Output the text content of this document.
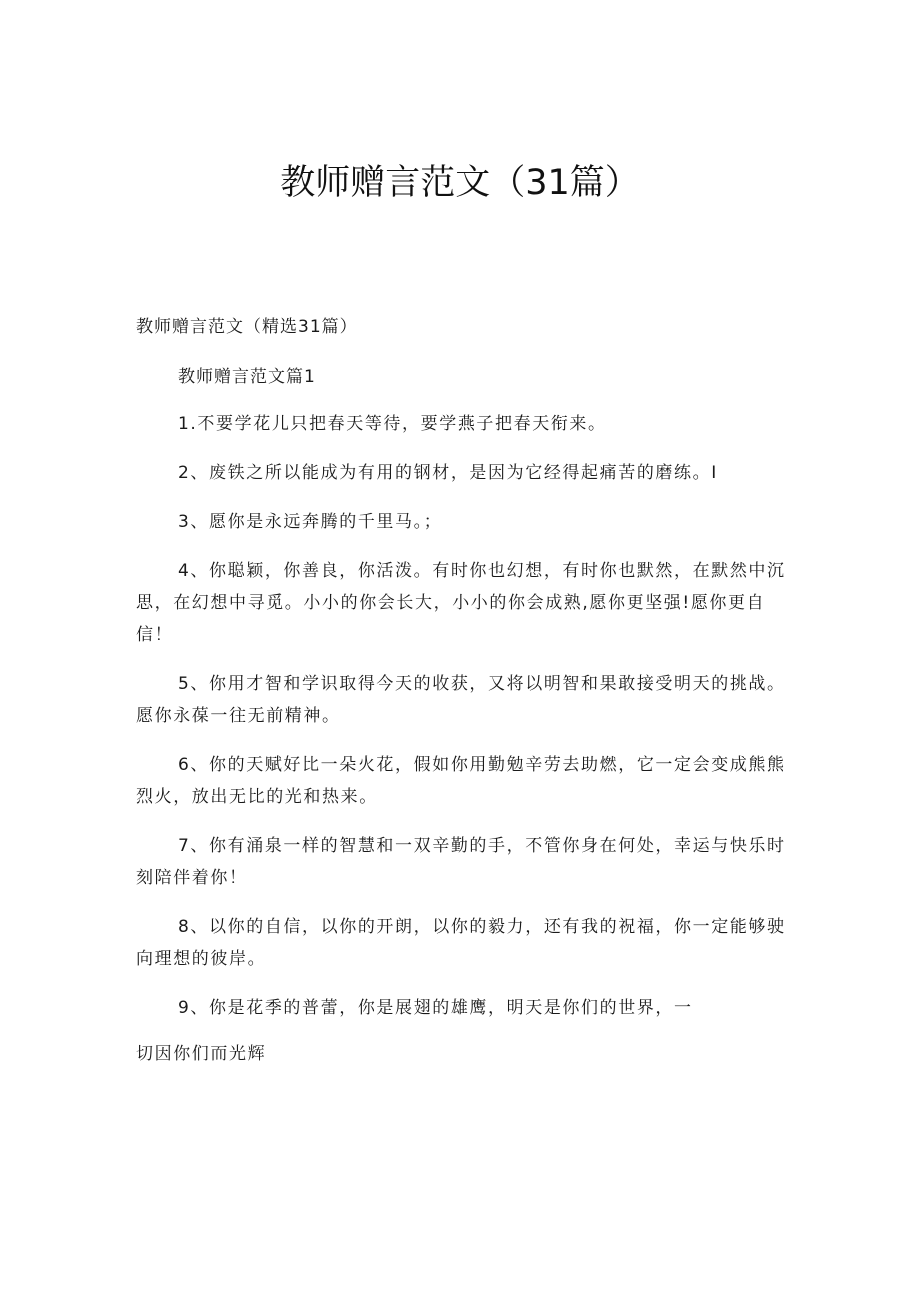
教师赠言范文（31篇）
教师赠言范文（精选31篇）

教师赠言范文篇1

1.不要学花儿只把春天等待，要学燕子把春天衔来。

2、废铁之所以能成为有用的钢材，是因为它经得起痛苦的磨练。I

3、愿你是永远奔腾的千里马。；

4、你聪颖，你善良，你活泼。有时你也幻想，有时你也默然，在默然中沉思，在幻想中寻觅。小小的你会长大，小小的你会成熟,愿你更坚强!愿你更自信！

5、你用才智和学识取得今天的收获，又将以明智和果敢接受明天的挑战。愿你永葆一往无前精神。

6、你的天赋好比一朵火花，假如你用勤勉辛劳去助燃，它一定会变成熊熊烈火，放出无比的光和热来。

7、你有涌泉一样的智慧和一双辛勤的手，不管你身在何处，幸运与快乐时刻陪伴着你！

8、以你的自信，以你的开朗，以你的毅力，还有我的祝福，你一定能够驶向理想的彼岸。

9、你是花季的普蕾，你是展翅的雄鹰，明天是你们的世界，一

切因你们而光辉
